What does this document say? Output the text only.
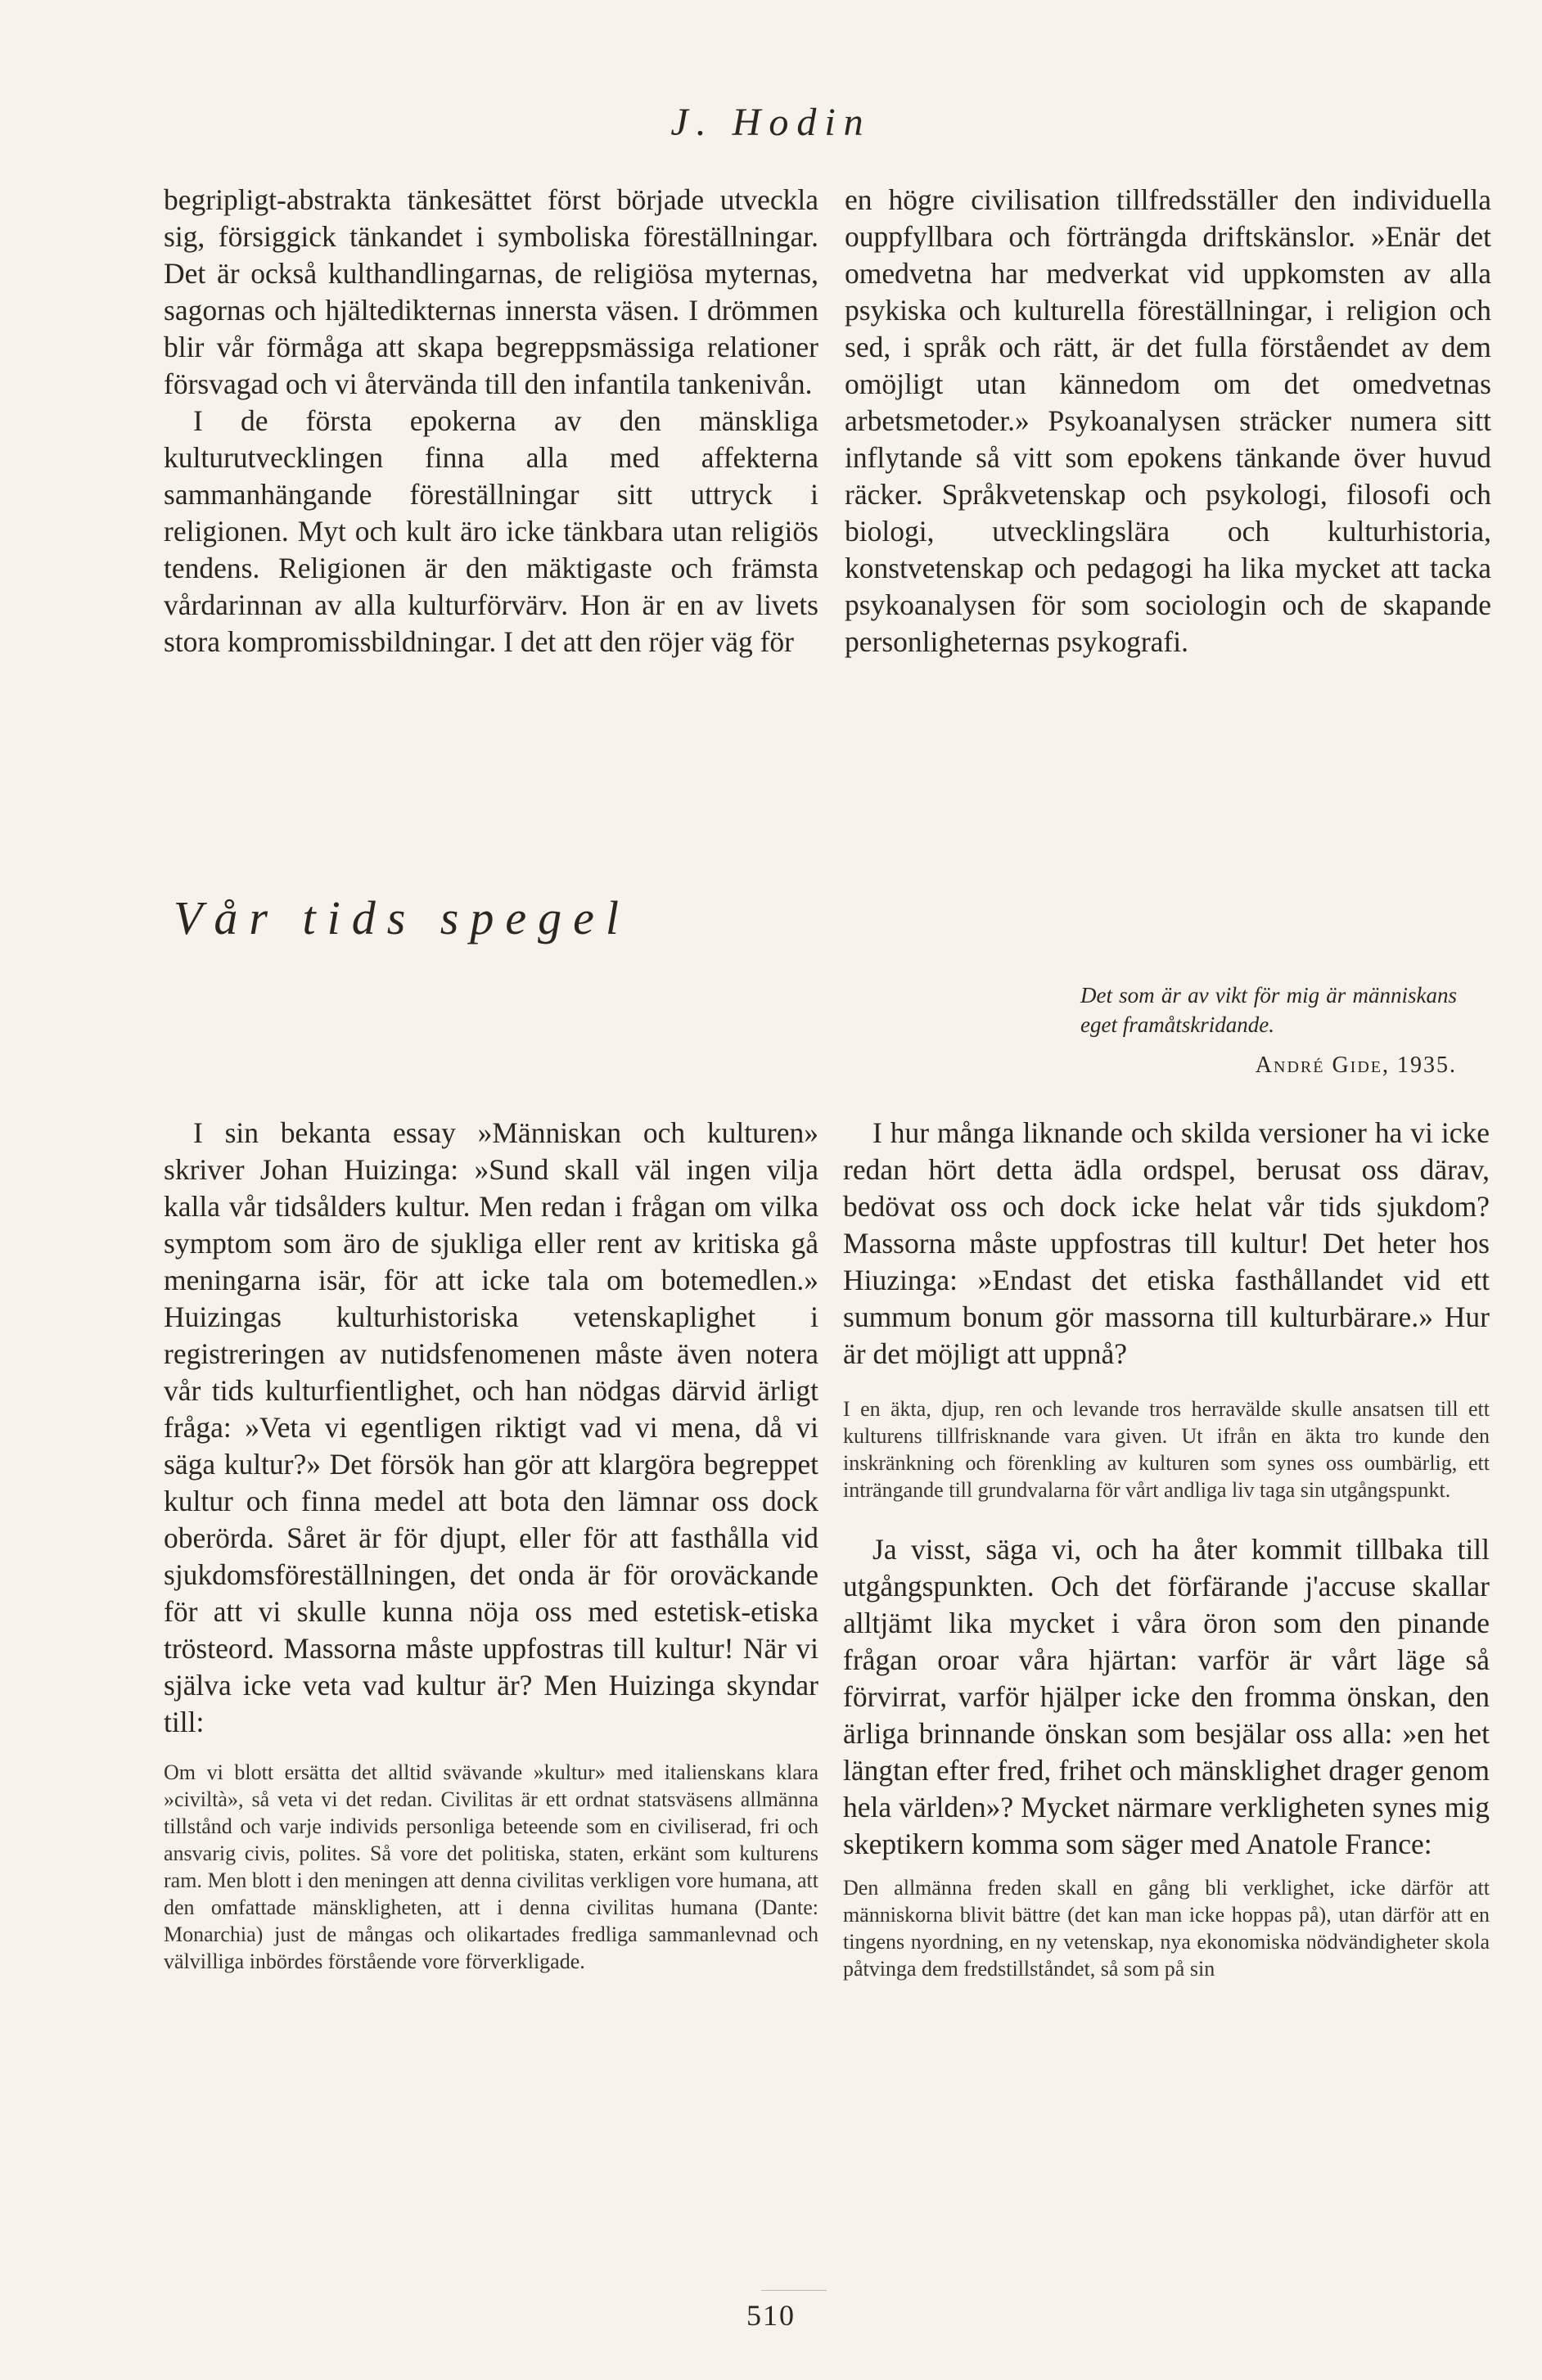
J. Hodin

begripligt-abstrakta tänkesättet först började utveckla sig, försiggick tänkandet i symboliska föreställningar. Det är också kulthandlingarnas, de religiösa myternas, sagornas och hjältedikternas innersta väsen. I drömmen blir vår förmåga att skapa begreppsmässiga relationer försvagad och vi återvända till den infantila tankenivån.

I de första epokerna av den mänskliga kulturutvecklingen finna alla med affekterna sammanhängande föreställningar sitt uttryck i religionen. Myt och kult äro icke tänkbara utan religiös tendens. Religionen är den mäktigaste och främsta vårdarinnan av alla kulturförvärv. Hon är en av livets stora kompromissbildningar. I det att den röjer väg för

en högre civilisation tillfredsställer den individuella ouppfyllbara och förträngda driftskänslor. »Enär det omedvetna har medverkat vid uppkomsten av alla psykiska och kulturella föreställningar, i religion och sed, i språk och rätt, är det fulla förståendet av dem omöjligt utan kännedom om det omedvetnas arbetsmetoder.» Psykoanalysen sträcker numera sitt inflytande så vitt som epokens tänkande över huvud räcker. Språkvetenskap och psykologi, filosofi och biologi, utvecklingslära och kulturhistoria, konstvetenskap och pedagogi ha lika mycket att tacka psykoanalysen för som sociologin och de skapande personligheternas psykografi.

Vår tids spegel
Det som är av vikt för mig är människans eget framåtskridande.
André Gide, 1935.

I sin bekanta essay »Människan och kulturen» skriver Johan Huizinga: »Sund skall väl ingen vilja kalla vår tidsålders kultur. Men redan i frågan om vilka symptom som äro de sjukliga eller rent av kritiska gå meningarna isär, för att icke tala om botemedlen.» Huizingas kulturhistoriska vetenskaplighet i registreringen av nutidsfenomenen måste även notera vår tids kulturfientlighet, och han nödgas därvid ärligt fråga: »Veta vi egentligen riktigt vad vi mena, då vi säga kultur?» Det försök han gör att klargöra begreppet kultur och finna medel att bota den lämnar oss dock oberörda. Såret är för djupt, eller för att fasthålla vid sjukdomsföreställningen, det onda är för oroväckande för att vi skulle kunna nöja oss med estetisk-etiska trösteord. Massorna måste uppfostras till kultur! När vi själva icke veta vad kultur är? Men Huizinga skyndar till:

Om vi blott ersätta det alltid svävande »kultur» med italienskans klara »civiltà», så veta vi det redan. Civilitas är ett ordnat statsväsens allmänna tillstånd och varje individs personliga beteende som en civiliserad, fri och ansvarig civis, polites. Så vore det politiska, staten, erkänt som kulturens ram. Men blott i den meningen att denna civilitas verkligen vore humana, att den omfattade mänskligheten, att i denna civilitas humana (Dante: Monarchia) just de mångas och olikartades fredliga sammanlevnad och välvilliga inbördes förstående vore förverkligade.

I hur många liknande och skilda versioner ha vi icke redan hört detta ädla ordspel, berusat oss därav, bedövat oss och dock icke helat vår tids sjukdom? Massorna måste uppfostras till kultur! Det heter hos Hiuzinga: »Endast det etiska fasthållandet vid ett summum bonum gör massorna till kulturbärare.» Hur är det möjligt att uppnå?

I en äkta, djup, ren och levande tros herravälde skulle ansatsen till ett kulturens tillfrisknande vara given. Ut ifrån en äkta tro kunde den inskränkning och förenkling av kulturen som synes oss oumbärlig, ett inträngande till grundvalarna för vårt andliga liv taga sin utgångspunkt.

Ja visst, säga vi, och ha åter kommit tillbaka till utgångspunkten. Och det förfärande j'accuse skallar alltjämt lika mycket i våra öron som den pinande frågan oroar våra hjärtan: varför är vårt läge så förvirrat, varför hjälper icke den fromma önskan, den ärliga brinnande önskan som besjälar oss alla: »en het längtan efter fred, frihet och mänsklighet drager genom hela världen»? Mycket närmare verkligheten synes mig skeptikern komma som säger med Anatole France:

Den allmänna freden skall en gång bli verklighet, icke därför att människorna blivit bättre (det kan man icke hoppas på), utan därför att en tingens nyordning, en ny vetenskap, nya ekonomiska nödvändigheter skola påtvinga dem fredstillståndet, så som på sin

510
